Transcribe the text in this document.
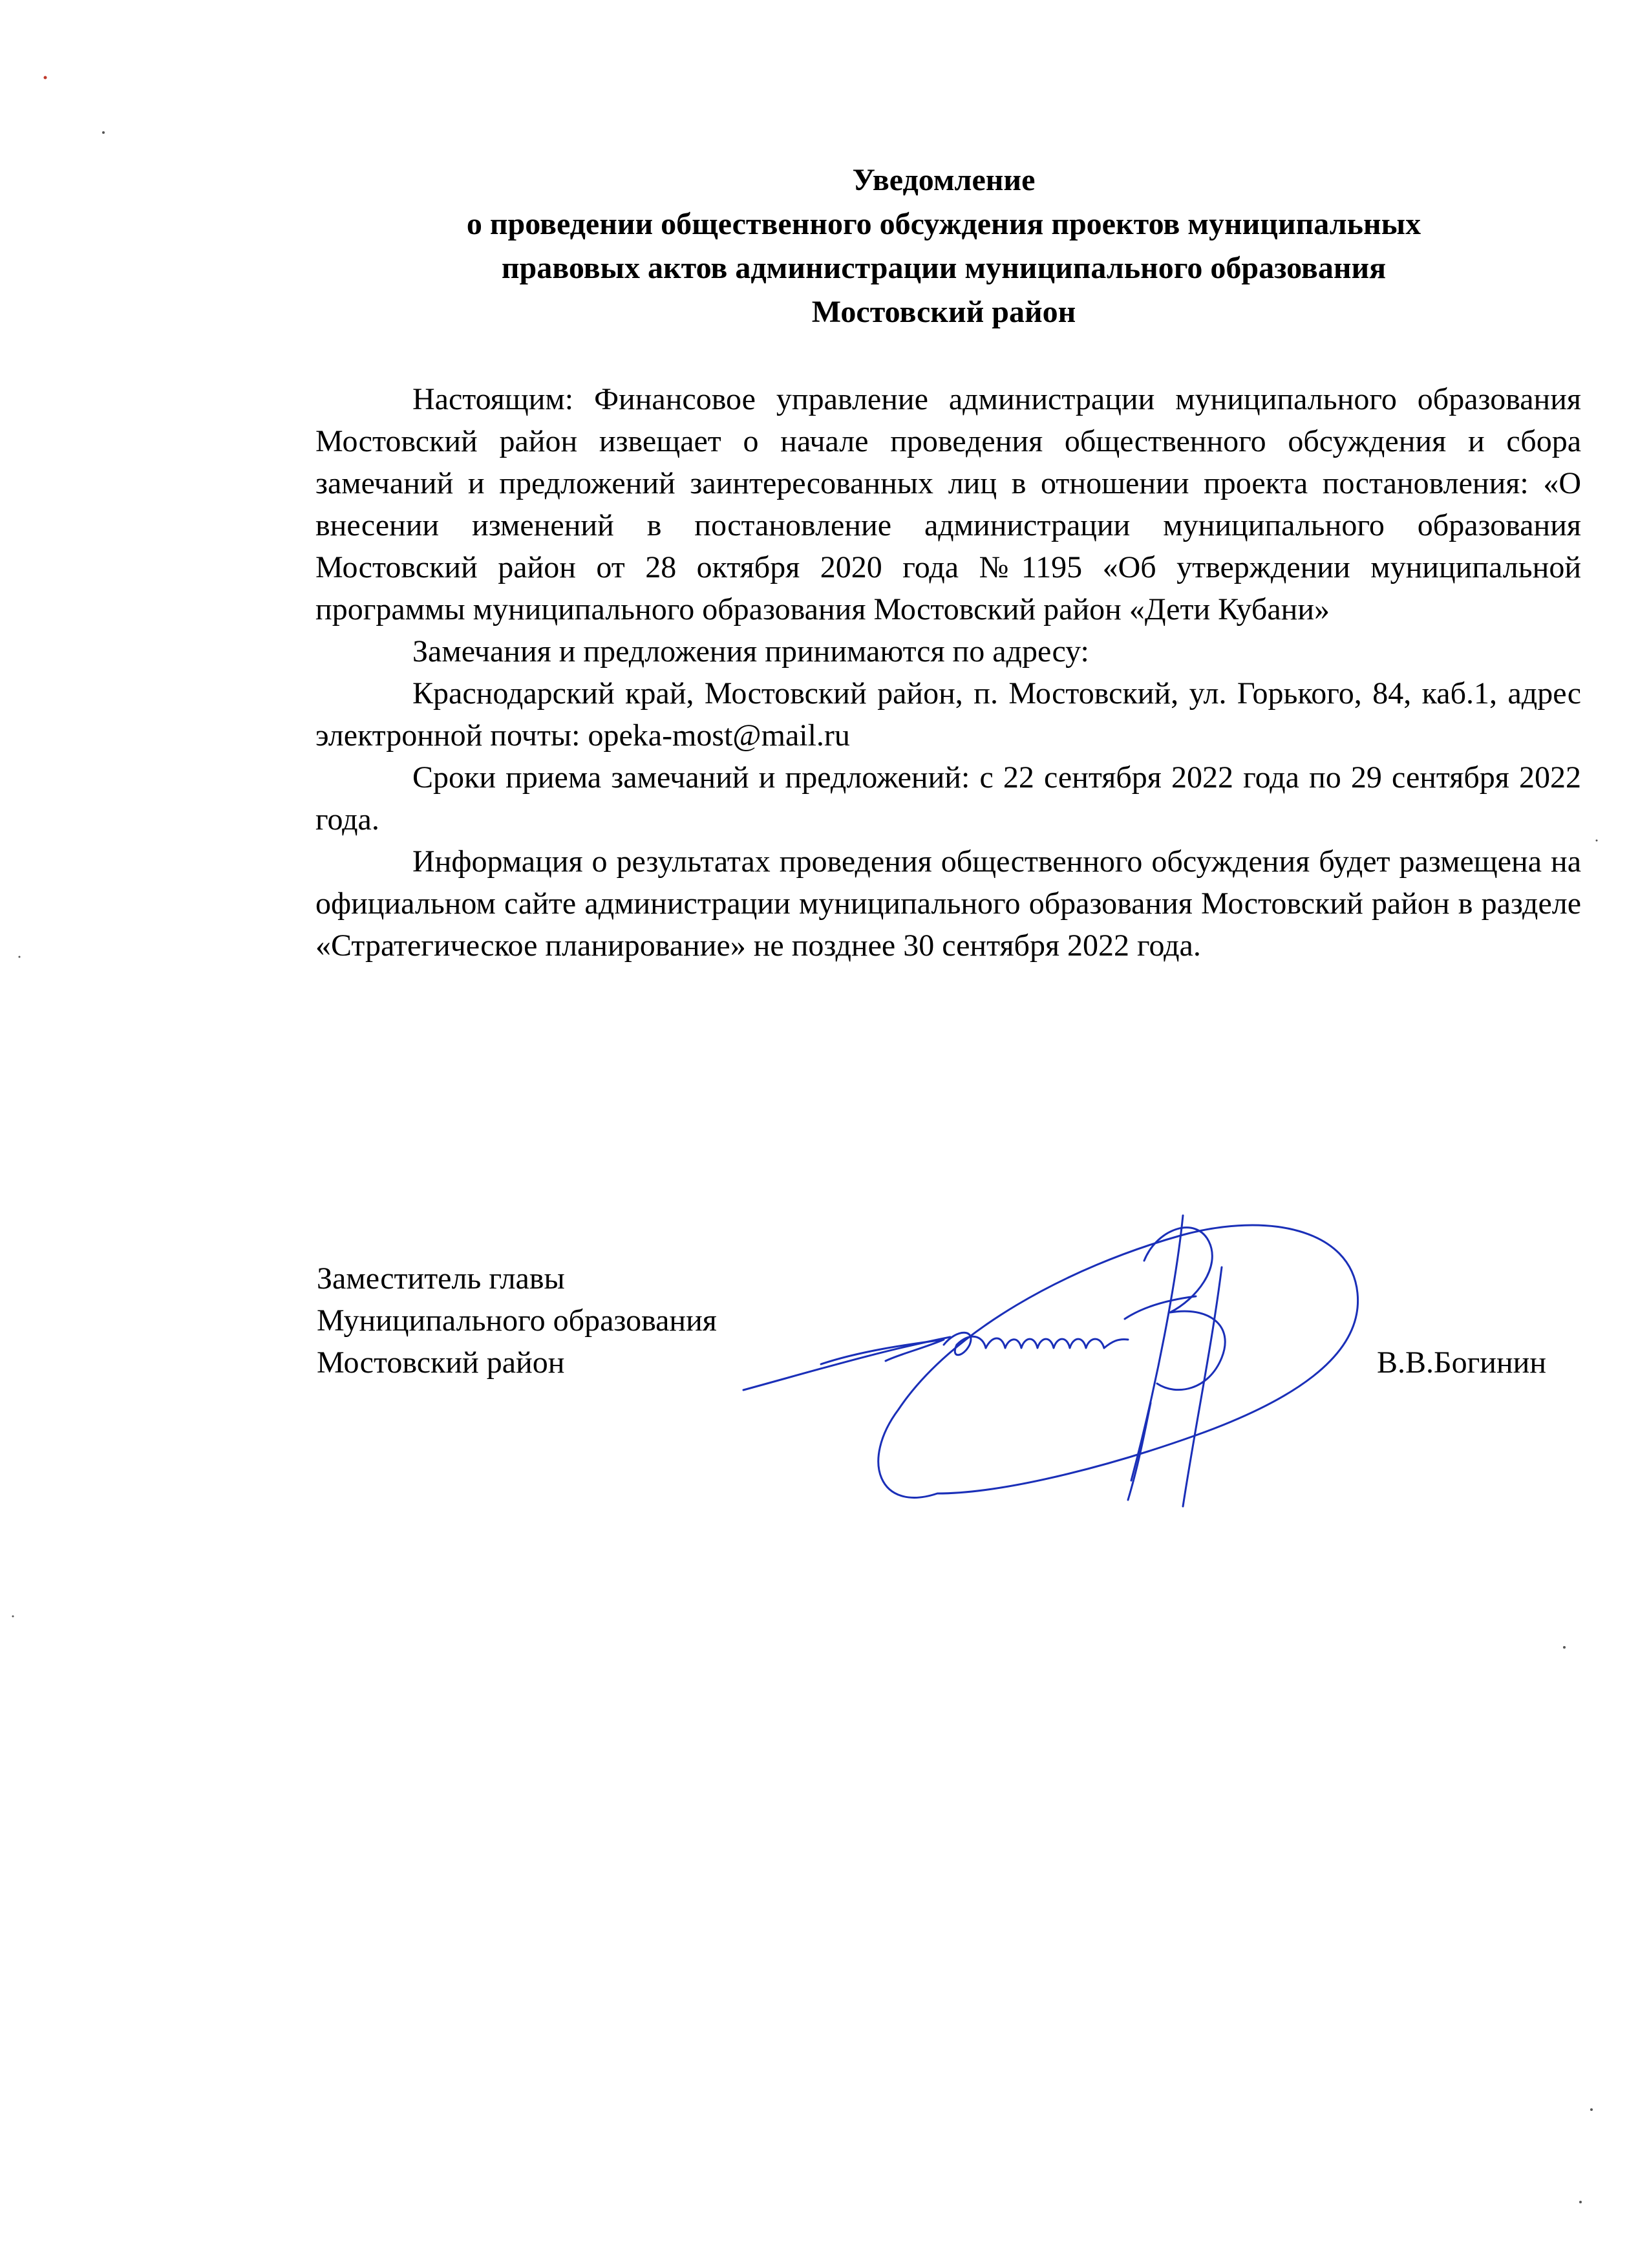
Уведомление
о проведении общественного обсуждения проектов муниципальных
правовых актов администрации муниципального образования
Мостовский район

Настоящим: Финансовое управление администрации муниципального образования Мостовский район извещает о начале проведения общественного обсуждения и сбора замечаний и предложений заинтересованных лиц в отношении проекта постановления: «О внесении изменений в постановление администрации муниципального образования Мостовский район от 28 октября 2020 года №1195 «Об утверждении муниципальной программы муниципального образования Мостовский район «Дети Кубани»

Замечания и предложения принимаются по адресу:

Краснодарский край, Мостовский район, п. Мостовский, ул. Горького, 84, каб.1, адрес электронной почты: opeka-most@mail.ru

Сроки приема замечаний и предложений: с 22 сентября 2022 года по 29 сентября 2022 года.

Информация о результатах проведения общественного обсуждения будет размещена на официальном сайте администрации муниципального образования Мостовский район в разделе «Стратегическое планирование» не позднее 30 сентября 2022 года.

Заместитель главы
Муниципального образования
Мостовский район	В.В.Богинин
